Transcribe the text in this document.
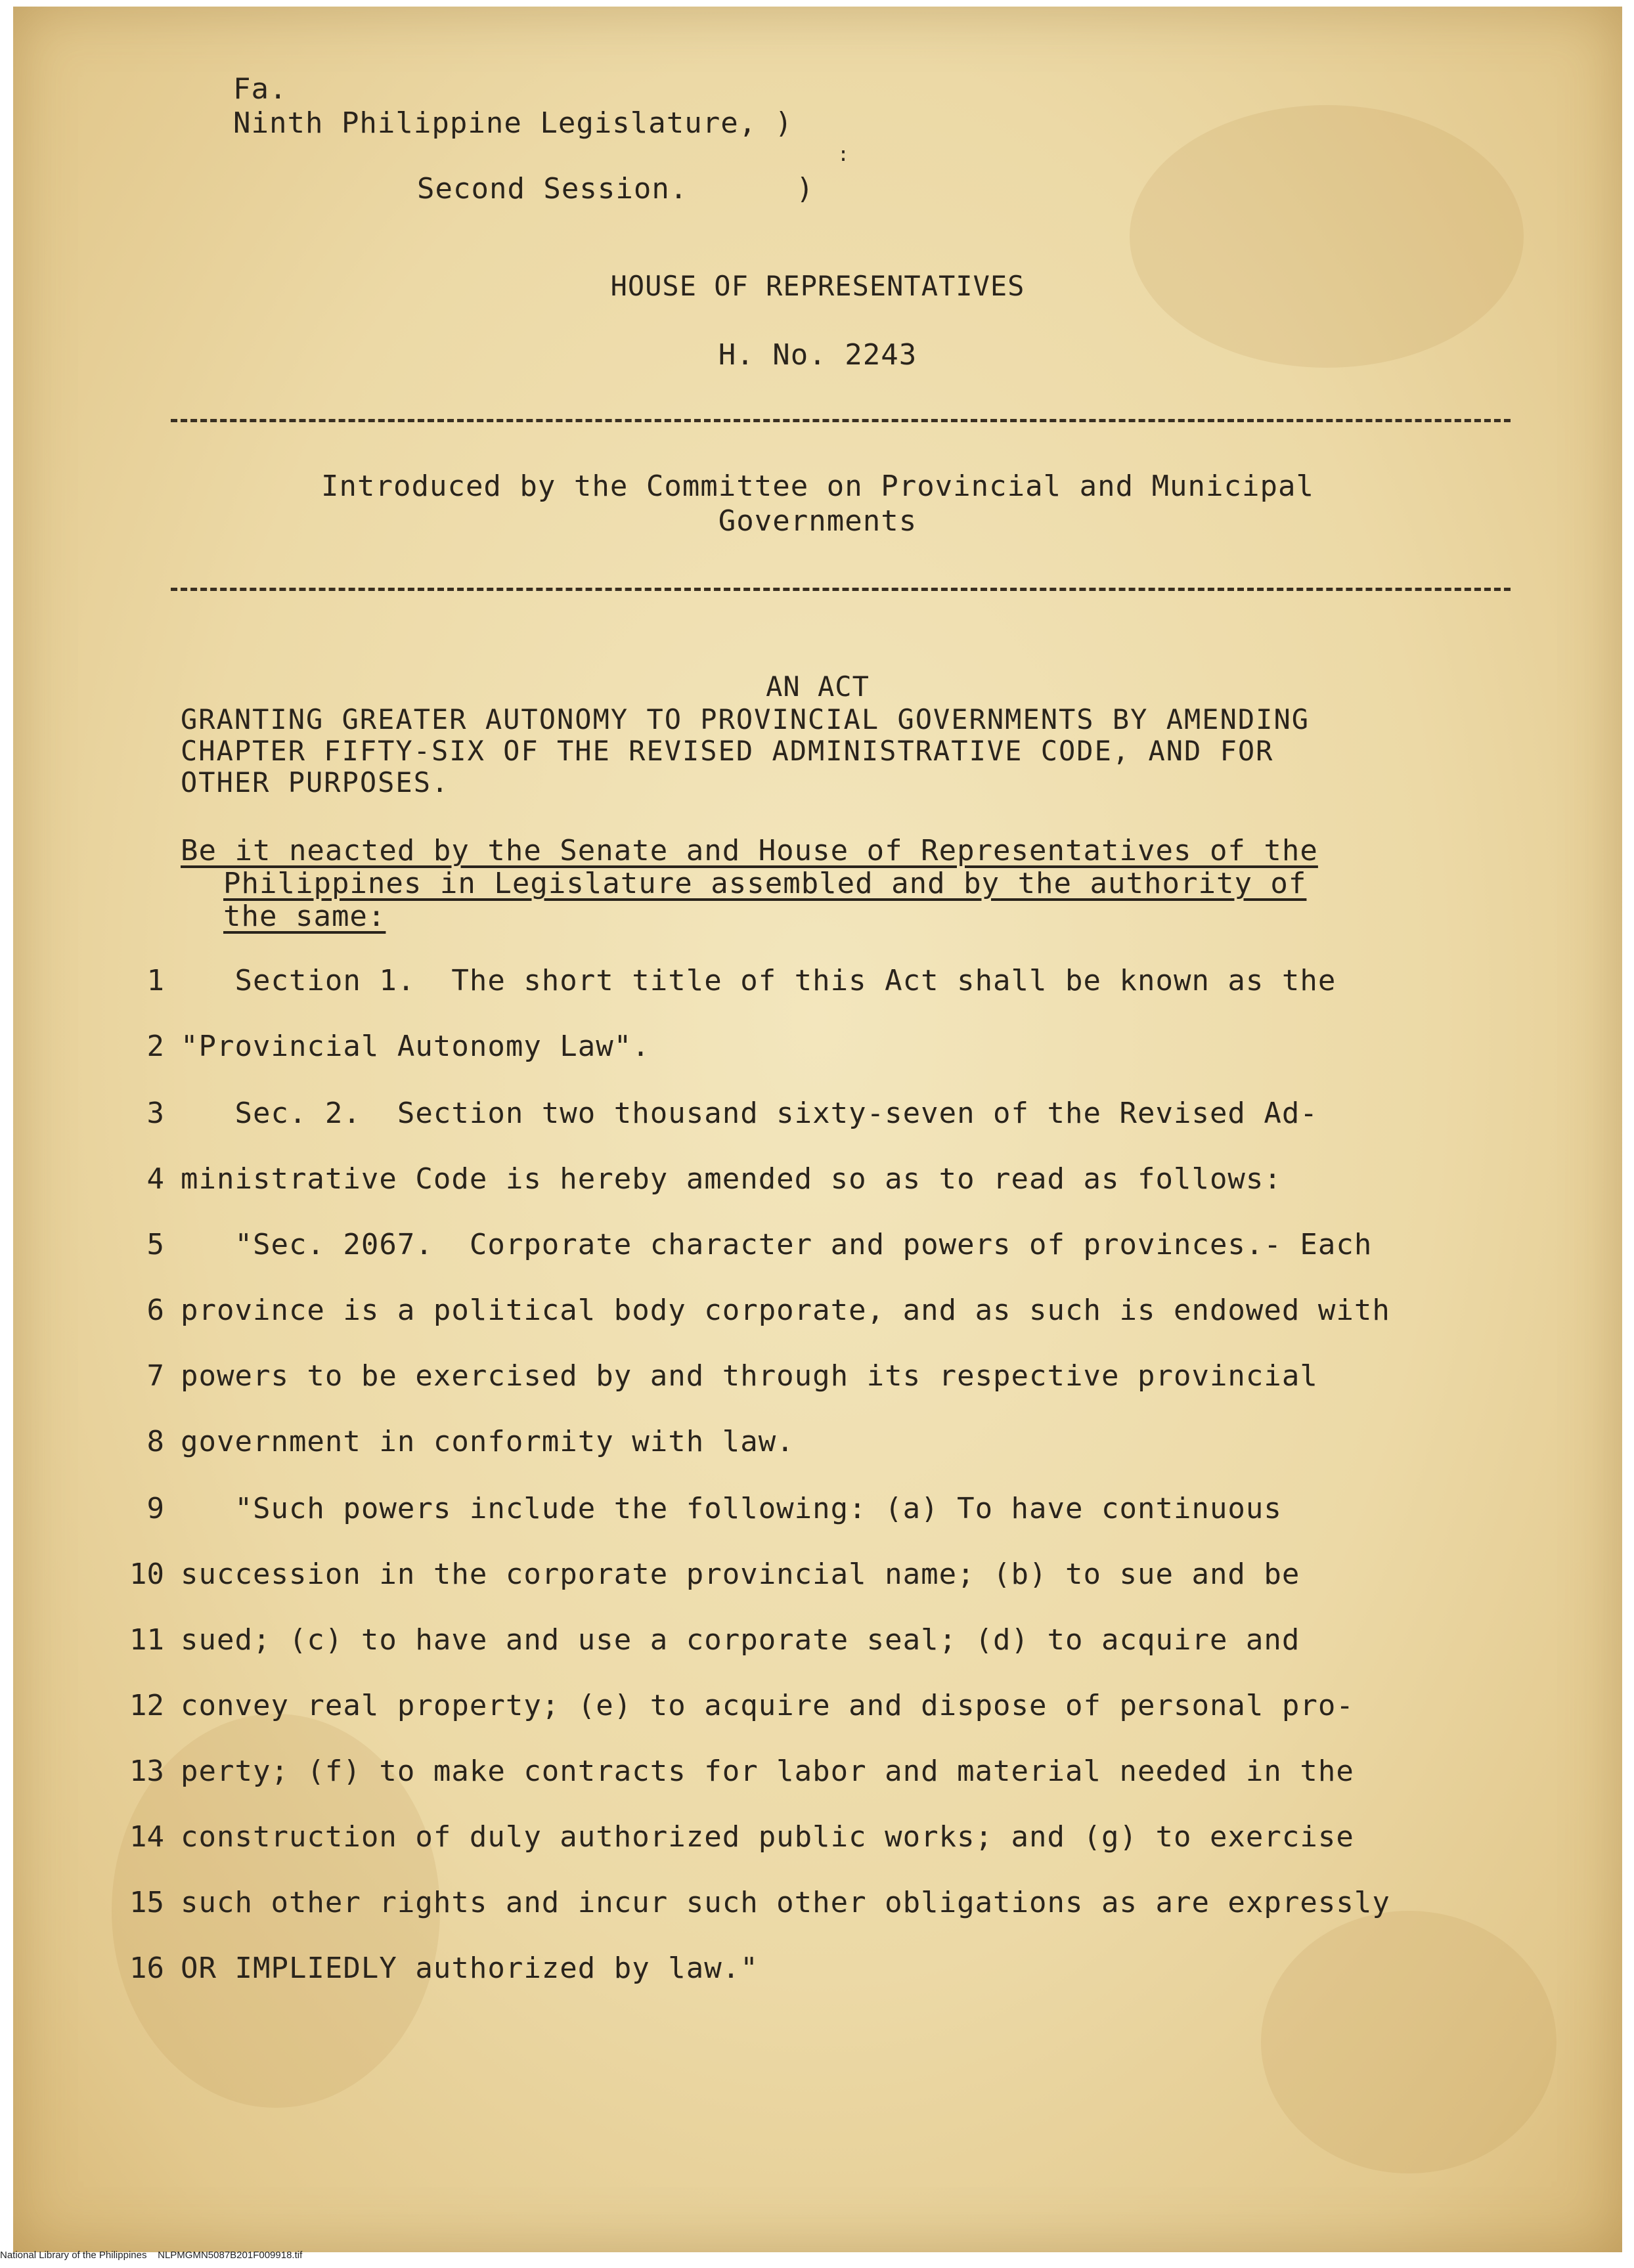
Fa.
Ninth Philippine Legislature, )
:
Second Session.      )
HOUSE OF REPRESENTATIVES
H. No. 2243
Introduced by the Committee on Provincial and Municipal
Governments
AN ACT
GRANTING GREATER AUTONOMY TO PROVINCIAL GOVERNMENTS BY AMENDING
CHAPTER FIFTY-SIX OF THE REVISED ADMINISTRATIVE CODE, AND FOR
OTHER PURPOSES.
Be it neacted by the Senate and House of Representatives of the
Philippines in Legislature assembled and by the authority of
the same:
1 Section 1.  The short title of this Act shall be known as the
2 "Provincial Autonomy Law".
3 Sec. 2.  Section two thousand sixty-seven of the Revised Ad-
4 ministrative Code is hereby amended so as to read as follows:
5 "Sec. 2067.  Corporate character and powers of provinces.- Each
6 province is a political body corporate, and as such is endowed with
7 powers to be exercised by and through its respective provincial
8 government in conformity with law.
9 "Such powers include the following: (a) To have continuous
10 succession in the corporate provincial name; (b) to sue and be
11 sued; (c) to have and use a corporate seal; (d) to acquire and
12 convey real property; (e) to acquire and dispose of personal pro-
13 perty; (f) to make contracts for labor and material needed in the
14 construction of duly authorized public works; and (g) to exercise
15 such other rights and incur such other obligations as are expressly
16 OR IMPLIEDLY authorized by law."
National Library of the Philippines    NLPMGMN5087B201F009918.tif
